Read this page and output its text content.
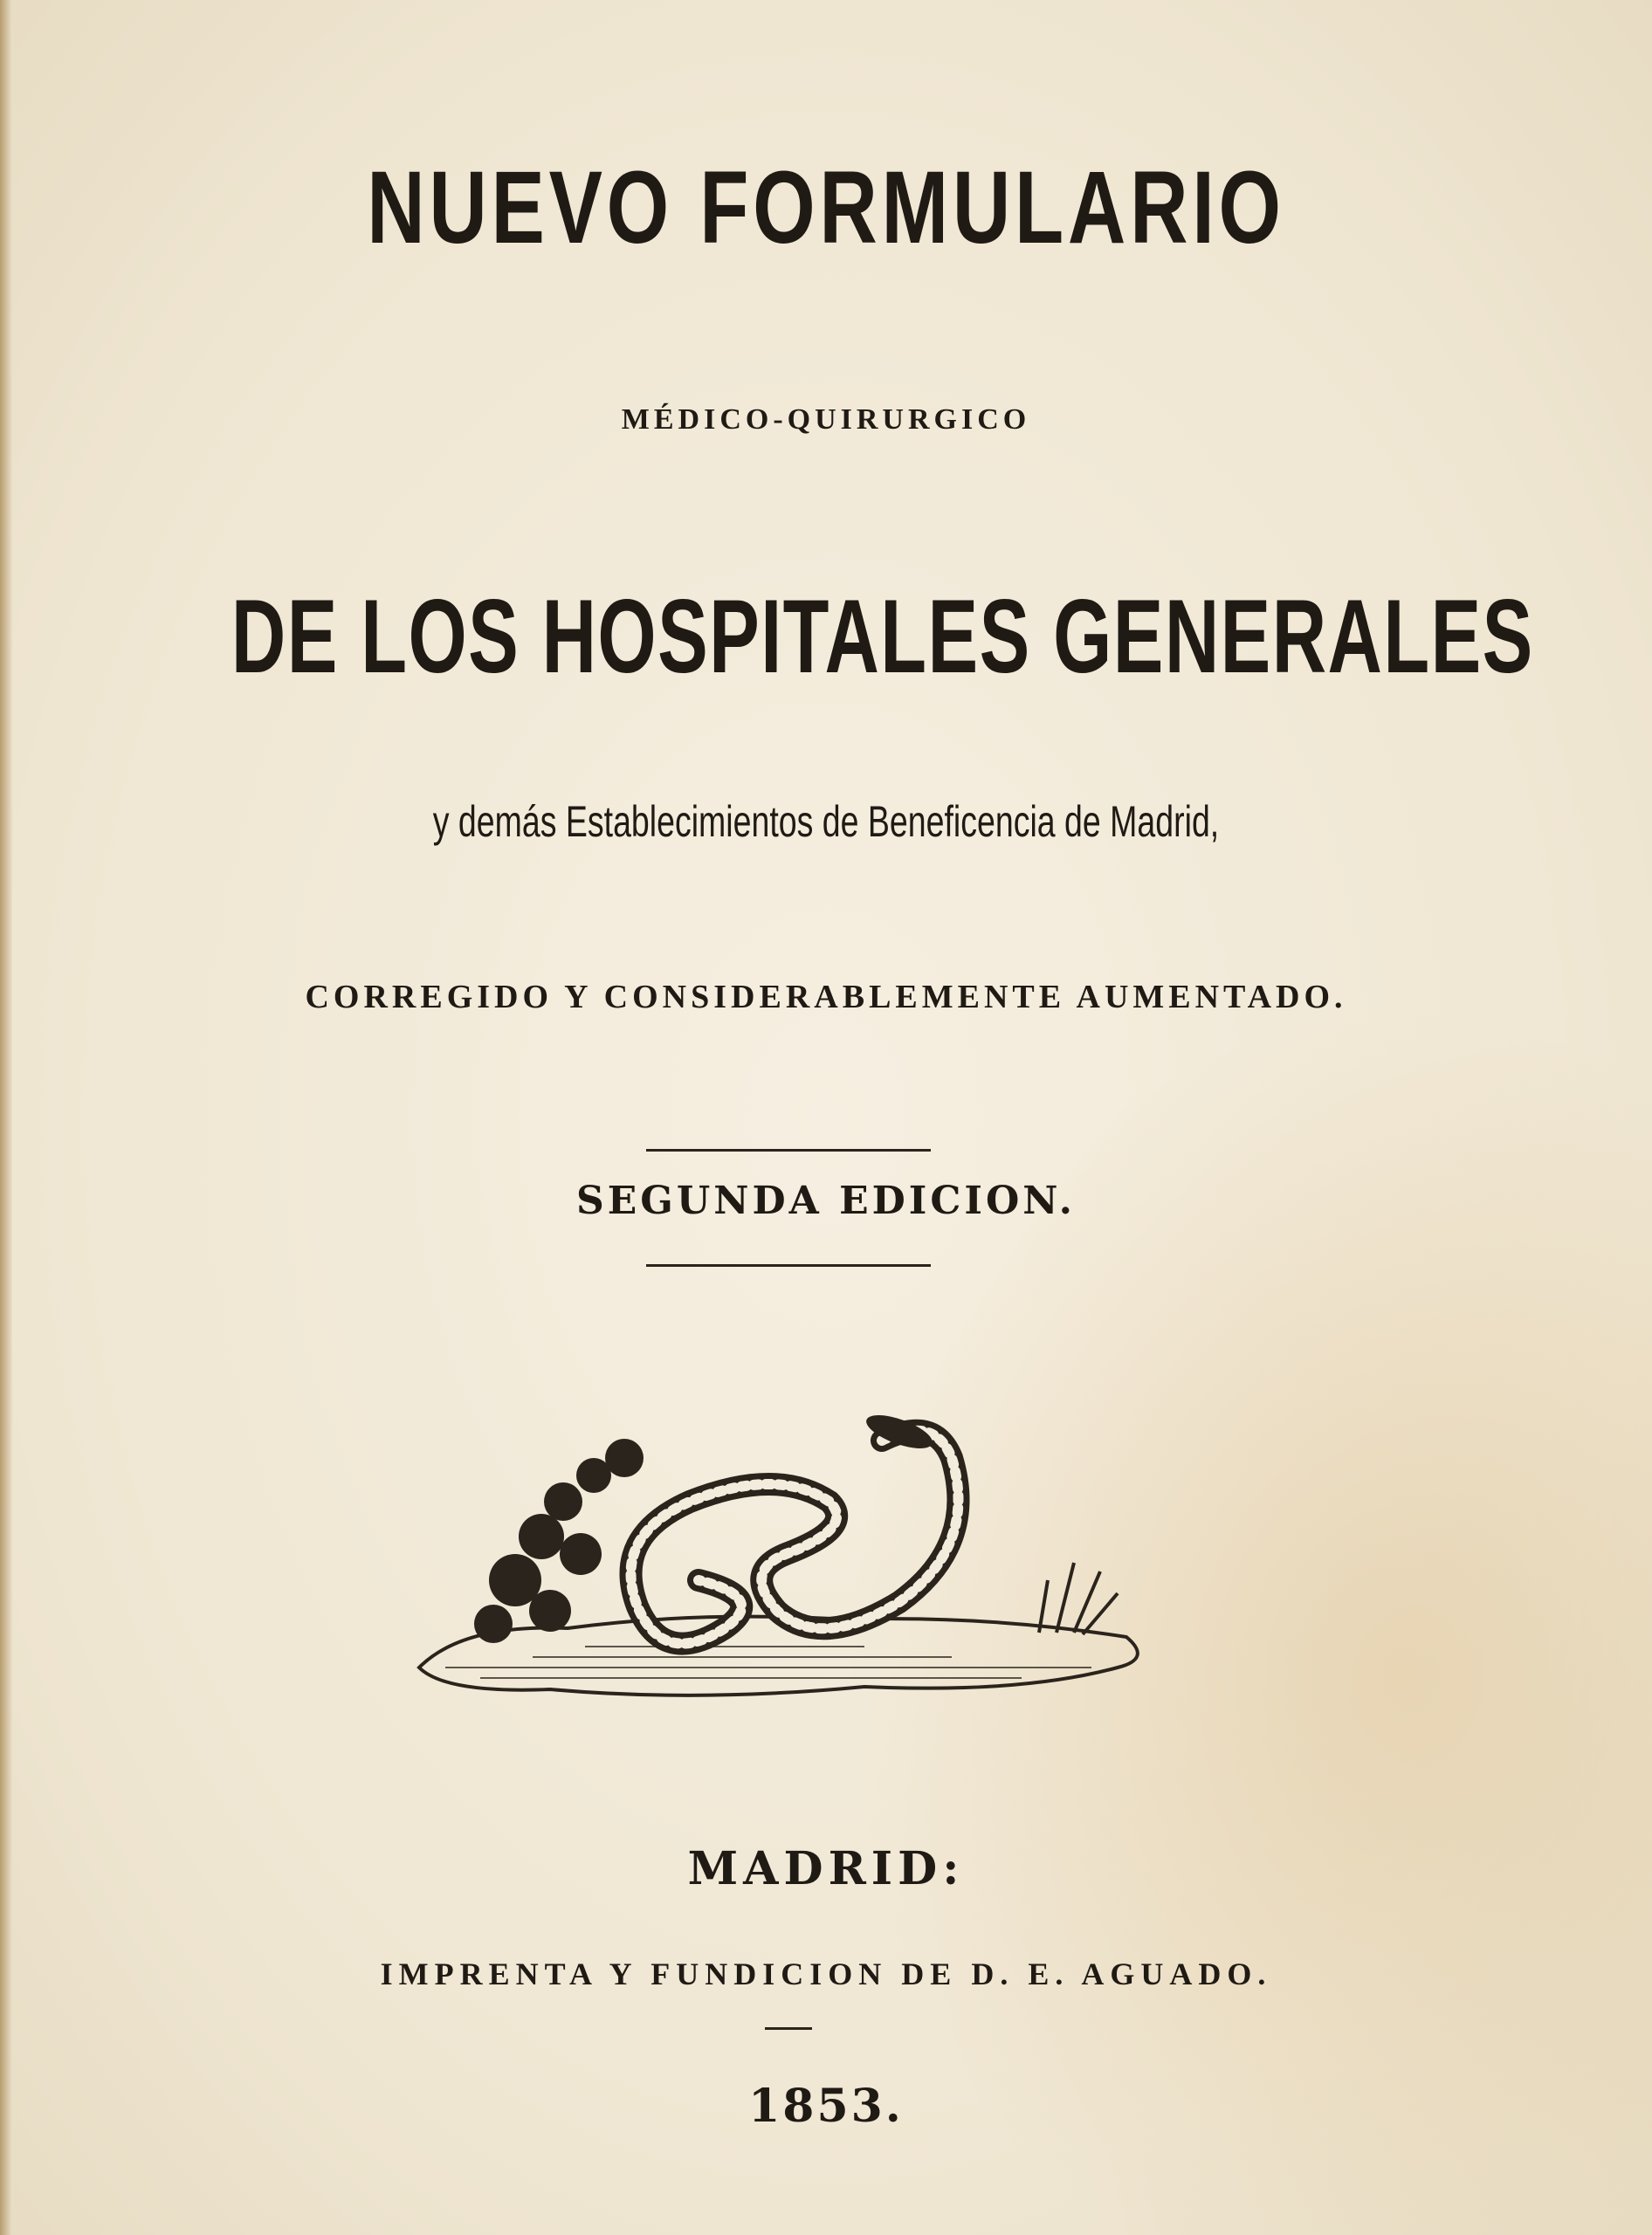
NUEVO FORMULARIO
MÉDICO-QUIRURGICO
DE LOS HOSPITALES GENERALES
y demás Establecimientos de Beneficencia de Madrid,
CORREGIDO Y CONSIDERABLEMENTE AUMENTADO.
SEGUNDA EDICION.
MADRID:
IMPRENTA Y FUNDICION DE D. E. AGUADO.
1853.
